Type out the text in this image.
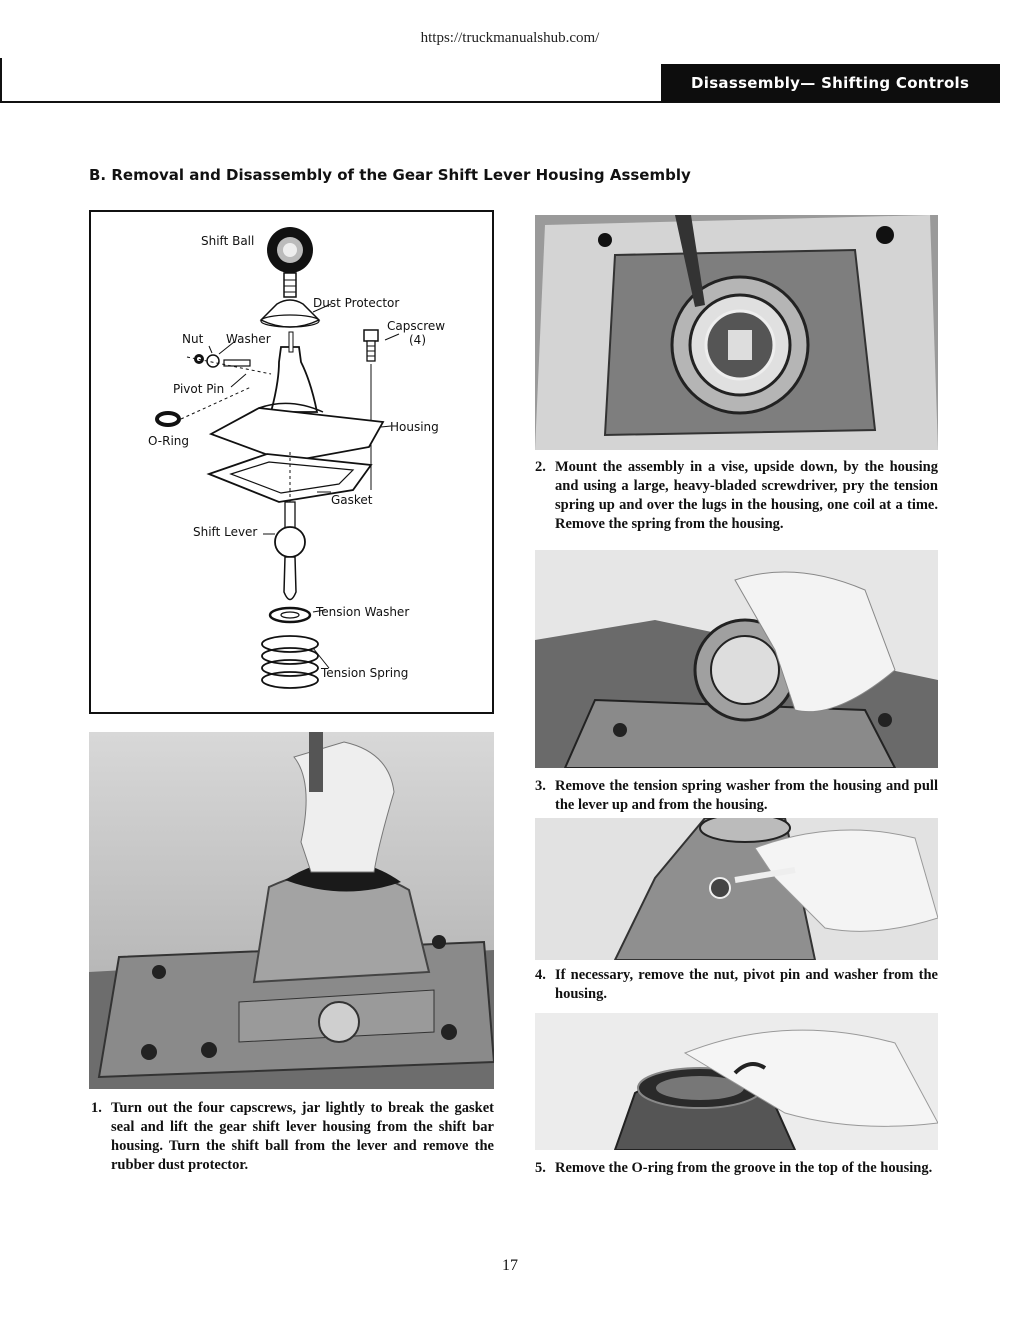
https://truckmanualshub.com/
Disassembly— Shifting Controls
B. Removal and Disassembly of the Gear Shift Lever Housing Assembly
Shift Ball
Dust Protector
Capscrew
(4)
Nut Washer
Pivot Pin
O-Ring
Housing
Gasket
Shift Lever
Tension Washer
Tension Spring
1. Turn out the four capscrews, jar lightly to break the gasket seal and lift the gear shift lever housing from the shift bar housing. Turn the shift ball from the lever and remove the rubber dust protector.
2. Mount the assembly in a vise, upside down, by the housing and using a large, heavy-bladed screwdriver, pry the tension spring up and over the lugs in the housing, one coil at a time. Remove the spring from the housing.
3. Remove the tension spring washer from the housing and pull the lever up and from the housing.
4. If necessary, remove the nut, pivot pin and washer from the housing.
5. Remove the O-ring from the groove in the top of the housing.
17
